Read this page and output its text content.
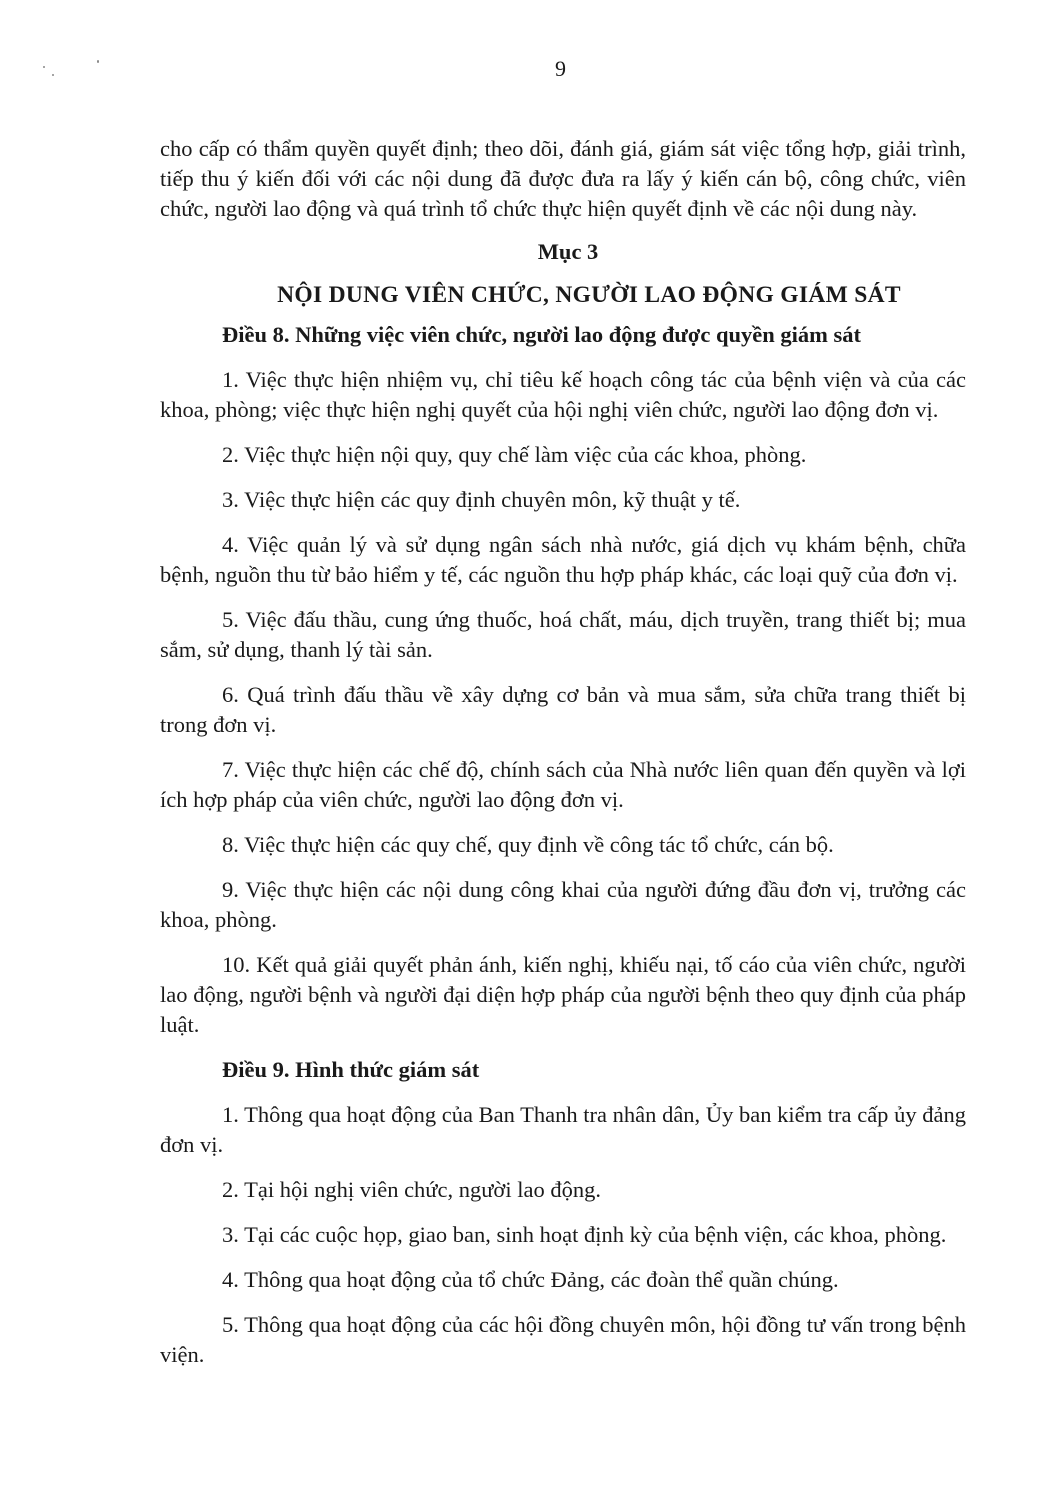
9

cho cấp có thẩm quyền quyết định; theo dõi, đánh giá, giám sát việc tổng hợp, giải trình, tiếp thu ý kiến đối với các nội dung đã được đưa ra lấy ý kiến cán bộ, công chức, viên chức, người lao động và quá trình tổ chức thực hiện quyết định về các nội dung này.

Mục 3

NỘI DUNG VIÊN CHỨC, NGƯỜI LAO ĐỘNG GIÁM SÁT

Điều 8. Những việc viên chức, người lao động được quyền giám sát

1. Việc thực hiện nhiệm vụ, chỉ tiêu kế hoạch công tác của bệnh viện và của các khoa, phòng; việc thực hiện nghị quyết của hội nghị viên chức, người lao động đơn vị.

2. Việc thực hiện nội quy, quy chế làm việc của các khoa, phòng.

3. Việc thực hiện các quy định chuyên môn, kỹ thuật y tế.

4. Việc quản lý và sử dụng ngân sách nhà nước, giá dịch vụ khám bệnh, chữa bệnh, nguồn thu từ bảo hiểm y tế, các nguồn thu hợp pháp khác, các loại quỹ của đơn vị.

5. Việc đấu thầu, cung ứng thuốc, hoá chất, máu, dịch truyền, trang thiết bị; mua sắm, sử dụng, thanh lý tài sản.

6. Quá trình đấu thầu về xây dựng cơ bản và mua sắm, sửa chữa trang thiết bị trong đơn vị.

7. Việc thực hiện các chế độ, chính sách của Nhà nước liên quan đến quyền và lợi ích hợp pháp của viên chức, người lao động đơn vị.

8. Việc thực hiện các quy chế, quy định về công tác tổ chức, cán bộ.

9. Việc thực hiện các nội dung công khai của người đứng đầu đơn vị, trưởng các khoa, phòng.

10. Kết quả giải quyết phản ánh, kiến nghị, khiếu nại, tố cáo của viên chức, người lao động, người bệnh và người đại diện hợp pháp của người bệnh theo quy định của pháp luật.

Điều 9. Hình thức giám sát

1. Thông qua hoạt động của Ban Thanh tra nhân dân, Ủy ban kiểm tra cấp ủy đảng đơn vị.

2. Tại hội nghị viên chức, người lao động.

3. Tại các cuộc họp, giao ban, sinh hoạt định kỳ của bệnh viện, các khoa, phòng.

4. Thông qua hoạt động của tổ chức Đảng, các đoàn thể quần chúng.

5. Thông qua hoạt động của các hội đồng chuyên môn, hội đồng tư vấn trong bệnh viện.
